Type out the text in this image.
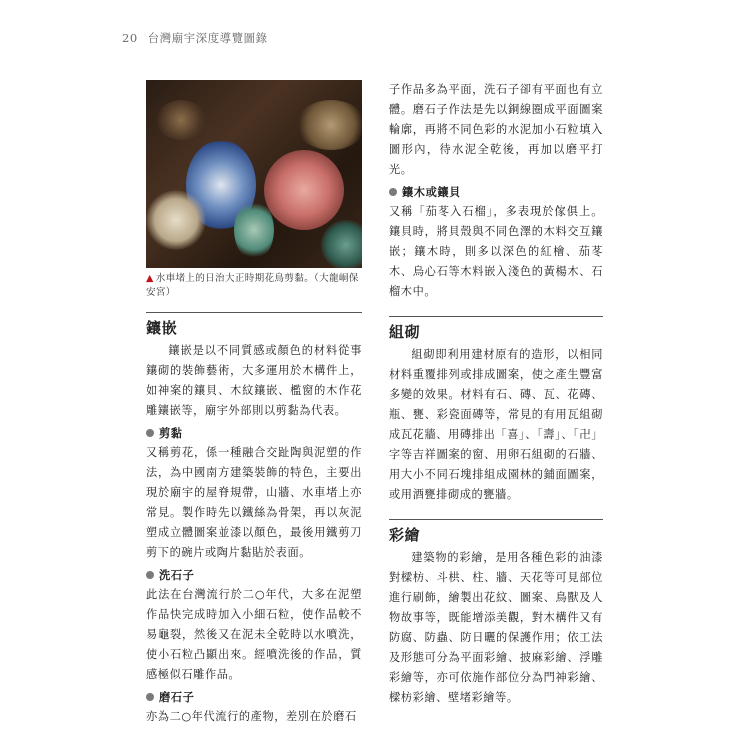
20 台灣廟宇深度導覽圖錄
▲ 水車堵上的日治大正時期花鳥剪黏。（大龍峒保安宮）
鑲嵌
鑲嵌是以不同質感或顏色的材料從事鑲砌的裝飾藝術，大多運用於木構件上，如神案的鑲貝、木紋鑲嵌、檻窗的木作花雕鑲嵌等，廟宇外部則以剪黏為代表。
剪黏
又稱剪花，係一種融合交趾陶與泥塑的作法，為中國南方建築裝飾的特色，主要出現於廟宇的屋脊規帶，山牆、水車堵上亦常見。製作時先以鐵絲為骨架，再以灰泥塑成立體圖案並漆以顏色，最後用鐵剪刀剪下的碗片或陶片黏貼於表面。
洗石子
此法在台灣流行於二○年代，大多在泥塑作品快完成時加入小細石粒，使作品較不易龜裂，然後又在泥未全乾時以水噴洗，使小石粒凸顯出來。經噴洗後的作品，質感極似石雕作品。
磨石子
亦為二○年代流行的產物，差別在於磨石
子作品多為平面，洗石子卻有平面也有立體。磨石子作法是先以銅線圈成平面圖案輪廓，再將不同色彩的水泥加小石粒填入圖形內，待水泥全乾後，再加以磨平打光。
鑲木或鑲貝
又稱「茄苳入石榴」，多表現於傢俱上。鑲貝時，將貝殼與不同色澤的木料交互鑲嵌；鑲木時，則多以深色的紅檜、茄苳木、烏心石等木料嵌入淺色的黃楊木、石榴木中。
組砌
組砌即利用建材原有的造形，以相同材料重覆排列或排成圖案，使之產生豐富多變的效果。材料有石、磚、瓦、花磚、瓶、甕、彩瓷面磚等，常見的有用瓦組砌成瓦花牆、用磚排出「喜」、「壽」、「卍」字等吉祥圖案的窗、用卵石組砌的石牆、用大小不同石塊排組成園林的鋪面圖案，或用酒甕排砌成的甕牆。
彩繪
建築物的彩繪，是用各種色彩的油漆對樑枋、斗栱、柱、牆、天花等可見部位進行刷飾，繪製出花紋、圖案、鳥獸及人物故事等，既能增添美觀，對木構件又有防腐、防蟲、防日曬的保護作用；依工法及形態可分為平面彩繪、披麻彩繪、浮雕彩繪等，亦可依施作部位分為門神彩繪、樑枋彩繪、壁堵彩繪等。
